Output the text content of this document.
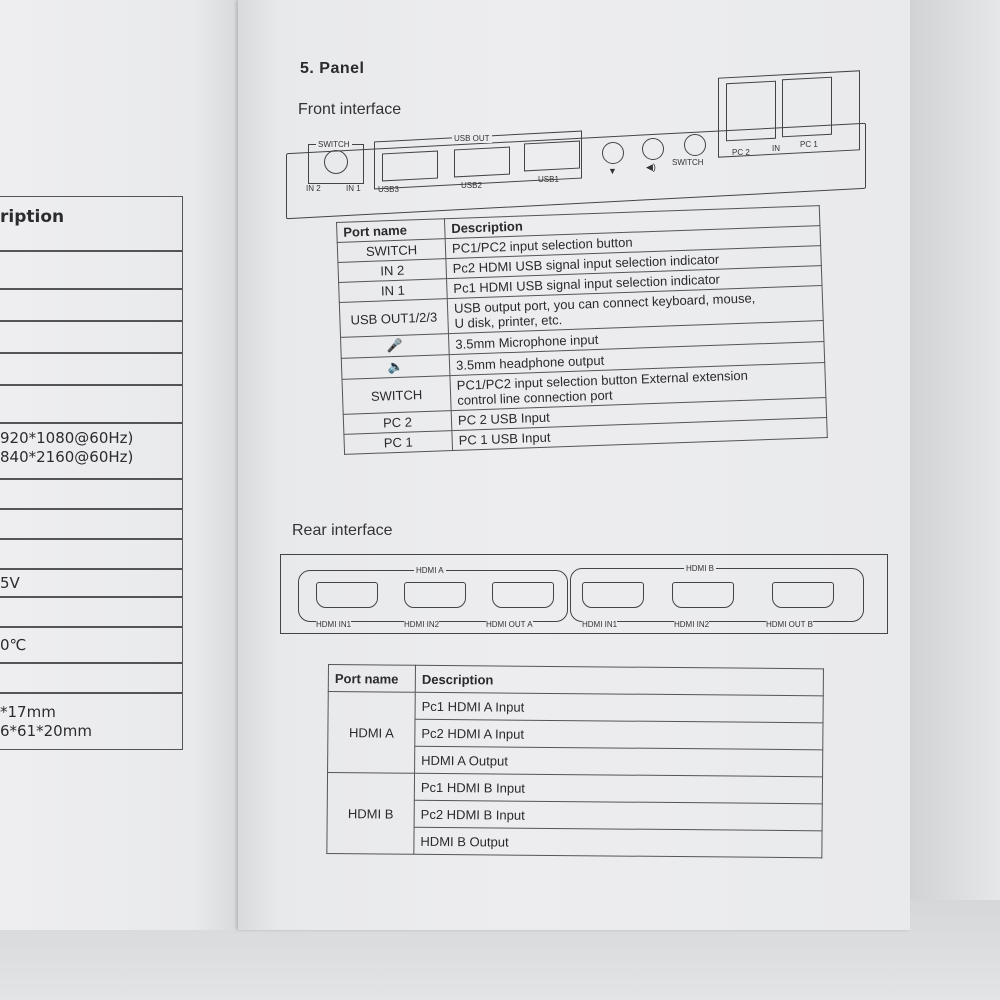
ription
920*1080@60Hz)
840*2160@60Hz)
5V
0℃
*17mm
6*61*20mm
5. Panel
Front interface
SWITCH
IN 2	IN 1 USB3
USB OUT
USB2
USB1
▼	◀) SWITCH
PC 2	IN	PC 1
Port name	Description
SWITCH	PC1/PC2 input selection button
IN 2	Pc2 HDMI USB signal input selection indicator
IN 1	Pc1 HDMI USB signal input selection indicator
USB OUT1/2/3	USB output port, you can connect keyboard, mouse,
U disk, printer, etc.
🎤	3.5mm Microphone input
🔈	3.5mm headphone output
SWITCH	PC1/PC2 input selection button External extension
control line connection port
PC 2	PC 2 USB Input
PC 1	PC 1 USB Input
Rear interface
HDMI A	HDMI B
HDMI IN1	HDMI IN2	HDMI OUT A	HDMI IN1	HDMI IN2	HDMI OUT B
Port name	Description
HDMI A	Pc1 HDMI A Input
	Pc2 HDMI A Input
	HDMI A Output
HDMI B	Pc1 HDMI B Input
	Pc2 HDMI B Input
	HDMI B Output
